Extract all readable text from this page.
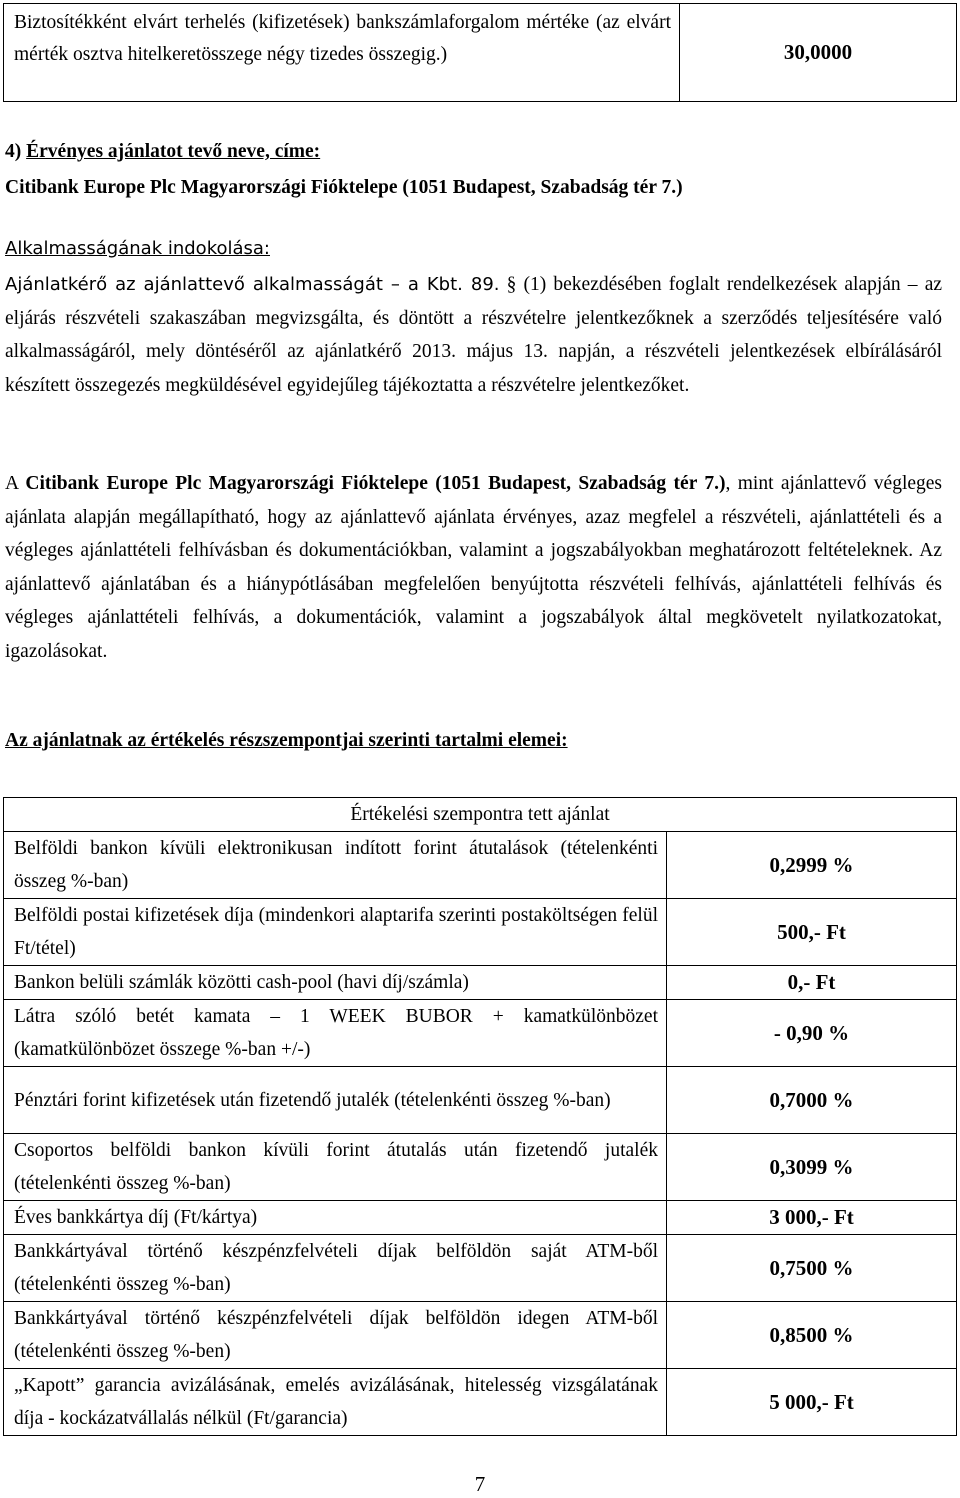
Biztosítékként elvárt terhelés (kifizetések) bankszámlaforgalom mértéke (az elvárt mérték osztva hitelkeretösszege négy tizedes összegig.)	30,0000
4) Érvényes ajánlatot tevő neve, címe:
Citibank Europe Plc Magyarországi Fióktelepe (1051 Budapest, Szabadság tér 7.)
Alkalmasságának indokolása:
Ajánlatkérő az ajánlattevő alkalmasságát – a Kbt. 89. § (1) bekezdésében foglalt rendelkezések alapján – az eljárás részvételi szakaszában megvizsgálta, és döntött a részvételre jelentkezőknek a szerződés teljesítésére való alkalmasságáról, mely döntéséről az ajánlatkérő 2013. május 13. napján, a részvételi jelentkezések elbírálásáról készített összegezés megküldésével egyidejűleg tájékoztatta a részvételre jelentkezőket.
A Citibank Europe Plc Magyarországi Fióktelepe (1051 Budapest, Szabadság tér 7.), mint ajánlattevő végleges ajánlata alapján megállapítható, hogy az ajánlattevő ajánlata érvényes, azaz megfelel a részvételi, ajánlattételi és a végleges ajánlattételi felhívásban és dokumentációkban, valamint a jogszabályokban meghatározott feltételeknek. Az ajánlattevő ajánlatában és a hiánypótlásában megfelelően benyújtotta részvételi felhívás, ajánlattételi felhívás és végleges ajánlattételi felhívás, a dokumentációk, valamint a jogszabályok által megkövetelt nyilatkozatokat, igazolásokat.
Az ajánlatnak az értékelés részszempontjai szerinti tartalmi elemei:
Értékelési szempontra tett ajánlat	
Belföldi bankon kívüli elektronikusan indított forint átutalások (tételenkénti összeg %-ban)	0,2999 %
Belföldi postai kifizetések díja (mindenkori alaptarifa szerinti postaköltségen felül Ft/tétel)	500,- Ft
Bankon belüli számlák közötti cash-pool (havi díj/számla)	0,- Ft
Látra szóló betét kamata – 1 WEEK BUBOR + kamatkülönbözet (kamatkülönbözet összege %-ban +/-)	- 0,90 %
Pénztári forint kifizetések után fizetendő jutalék (tételenkénti összeg %-ban)	0,7000 %
Csoportos belföldi bankon kívüli forint átutalás után fizetendő jutalék (tételenkénti összeg %-ban)	0,3099 %
Éves bankkártya díj (Ft/kártya)	3 000,- Ft
Bankkártyával történő készpénzfelvételi díjak belföldön saját ATM-ből (tételenkénti összeg %-ban)	0,7500 %
Bankkártyával történő készpénzfelvételi díjak belföldön idegen ATM-ből (tételenkénti összeg %-ben)	0,8500 %
„Kapott” garancia avizálásának, emelés avizálásának, hitelesség vizsgálatának díja - kockázatvállalás nélkül (Ft/garancia)	5 000,- Ft
7
